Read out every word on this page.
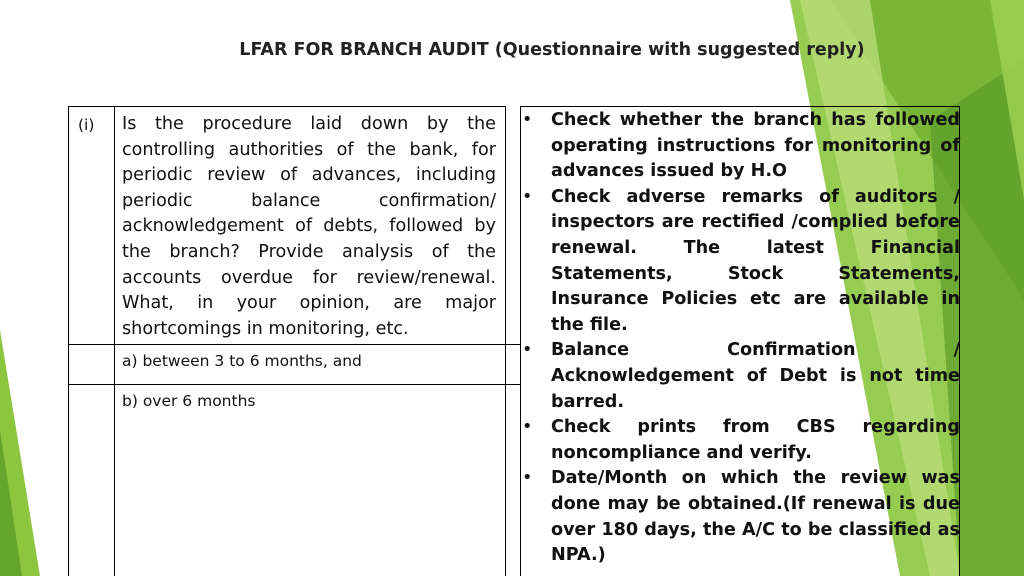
LFAR FOR BRANCH AUDIT (Questionnaire with suggested reply)
(i) Is the procedure laid down by the controlling authorities of the bank, for periodic review of advances, including periodic balance confirmation/ acknowledgement of debts, followed by the branch? Provide analysis of the accounts overdue for review/renewal. What, in your opinion, are major shortcomings in monitoring, etc.
a) between 3 to 6 months, and
b) over 6 months
• Check whether the branch has followed operating instructions for monitoring of advances issued by H.O
• Check adverse remarks of auditors / inspectors are rectified /complied before renewal. The latest Financial Statements, Stock Statements, Insurance Policies etc are available in the file.
• Balance Confirmation / Acknowledgement of Debt is not time barred.
• Check prints from CBS regarding noncompliance and verify.
• Date/Month on which the review was done may be obtained.(If renewal is due over 180 days, the A/C to be classified as NPA.)
